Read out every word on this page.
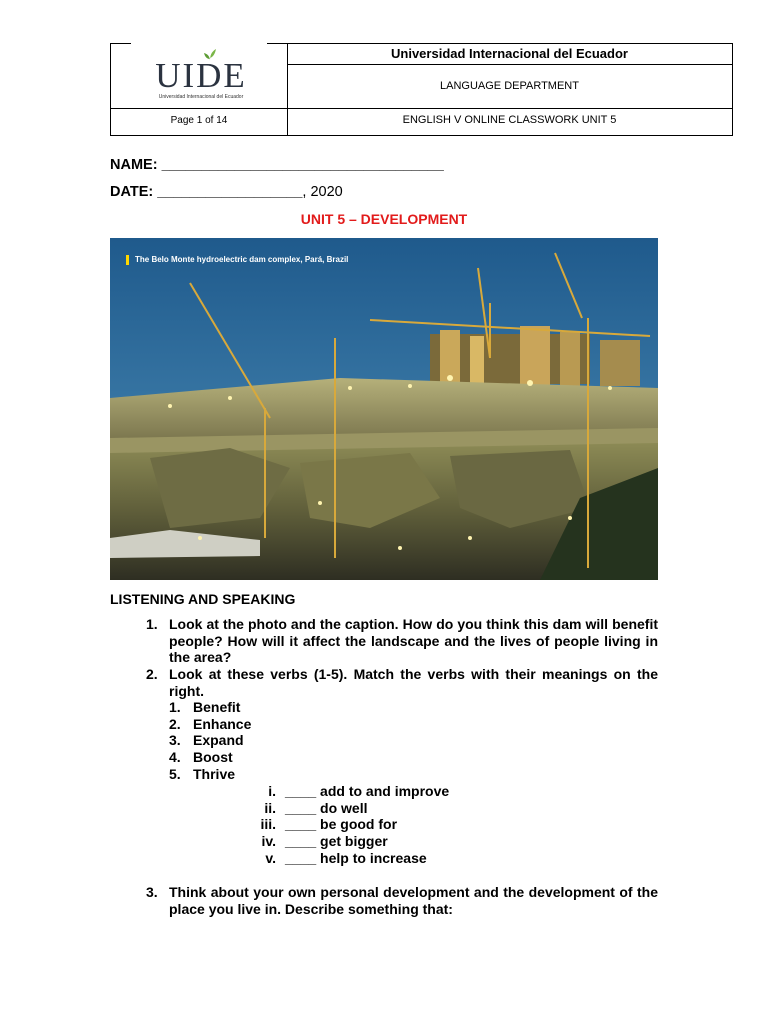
UIDE
Universidad Internacional del Ecuador
Universidad Internacional del Ecuador
LANGUAGE DEPARTMENT
Page 1 of 14	ENGLISH V ONLINE CLASSWORK UNIT 5
NAME: ___________________________________
DATE: __________________, 2020
UNIT 5 – DEVELOPMENT
The Belo Monte hydroelectric dam complex, Pará, Brazil
LISTENING AND SPEAKING
1. Look at the photo and the caption. How do you think this dam will benefit people? How will it affect the landscape and the lives of people living in the area?
2. Look at these verbs (1-5). Match the verbs with their meanings on the right.
1. Benefit
2. Enhance
3. Expand
4. Boost
5. Thrive
i. ____ add to and improve
ii. ____ do well
iii. ____ be good for
iv. ____ get bigger
v. ____ help to increase
3. Think about your own personal development and the development of the place you live in. Describe something that:
